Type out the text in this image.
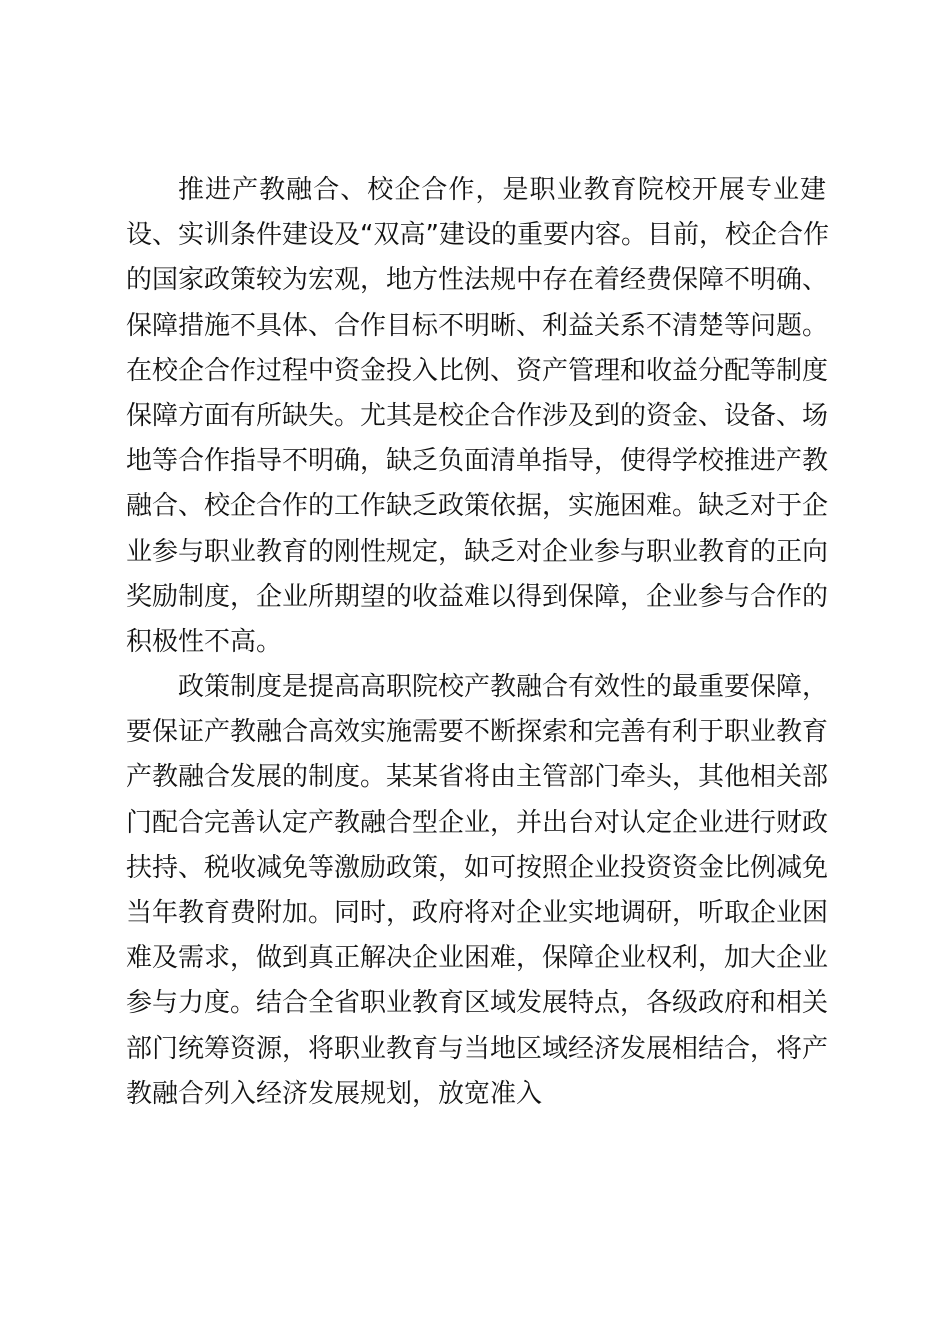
推进产教融合、校企合作，是职业教育院校开展专业建
设、实训条件建设及“双高”建设的重要内容。目前，校企合作
的国家政策较为宏观，地方性法规中存在着经费保障不明确、
保障措施不具体、合作目标不明晰、利益关系不清楚等问题。
在校企合作过程中资金投入比例、资产管理和收益分配等制度
保障方面有所缺失。尤其是校企合作涉及到的资金、设备、场
地等合作指导不明确，缺乏负面清单指导，使得学校推进产教
融合、校企合作的工作缺乏政策依据，实施困难。缺乏对于企
业参与职业教育的刚性规定，缺乏对企业参与职业教育的正向
奖励制度，企业所期望的收益难以得到保障，企业参与合作的
积极性不高。
政策制度是提高高职院校产教融合有效性的最重要保障，
要保证产教融合高效实施需要不断探索和完善有利于职业教育
产教融合发展的制度。某某省将由主管部门牵头，其他相关部
门配合完善认定产教融合型企业，并出台对认定企业进行财政
扶持、税收减免等激励政策，如可按照企业投资资金比例减免
当年教育费附加。同时，政府将对企业实地调研，听取企业困
难及需求，做到真正解决企业困难，保障企业权利，加大企业
参与力度。结合全省职业教育区域发展特点，各级政府和相关
部门统筹资源，将职业教育与当地区域经济发展相结合，将产
教融合列入经济发展规划，放宽准入
